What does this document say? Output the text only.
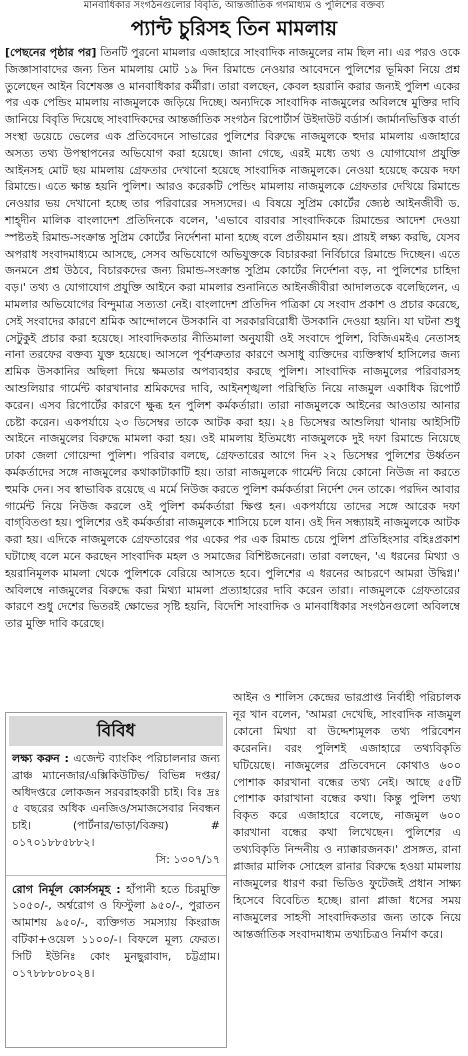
মানবাধিকার সংগঠনগুলোর বিবৃতি, আন্তর্জাতিক গণমাধ্যম ও পুলিশের বক্তব্য
প্যান্ট চুরিসহ তিন মামলায়

[পেছনের পৃষ্ঠার পর] তিনটি পুরনো মামলার এজাহারে সাংবাদিক নাজমুলের নাম ছিল না। এর পরও ওকে জিজ্ঞাসাবাদের জন্য তিন মামলায় মোট ১৯ দিন রিমান্ডে নেওয়ার আবেদনে পুলিশের ভূমিকা নিয়ে প্রশ্ন তুলেছেন আইন বিশেষজ্ঞ ও মানবাধিকার কর্মীরা। তারা বলছেন, কেবল হয়রানি করার জন্যই পুলিশ একের পর এক পেন্ডিং মামলায় নাজমুলকে জড়িয়ে দিচ্ছে। অন্যদিকে সাংবাদিক নাজমুলের অবিলম্বে মুক্তির দাবি জানিয়ে বিবৃতি দিয়েছে সাংবাদিকদের আন্তর্জাতিক সংগঠন রিপোর্টার্স উইদাউট বর্ডার্স। জার্মানভিত্তিক বার্তা সংস্থা ডয়েচে ভেলের এক প্রতিবেদনে সাভারের পুলিশের বিরুদ্ধে নাজমুলকে হুদার মামলায় এজাহারে অসত্য তথ্য উপস্থাপনের অভিযোগ করা হয়েছে। জানা গেছে, এরই মধ্যে তথ্য ও যোগাযোগ প্রযুক্তি আইনসহ মোট ছয় মামলায় গ্রেফতার দেখানো হয়েছে সাংবাদিক নাজমুলকে। নেওয়া হয়েছে কয়েক দফা রিমান্ডে। এতে ক্ষান্ত হয়নি পুলিশ। আরও করেকটি পেন্ডিং মামলায় নাজমুলকে গ্রেফতার দেখিয়ে রিমান্ডে নেওয়ার ভয় দেখানো হচ্ছে তার পরিবারের সদস্যদের। এ বিষয়ে সুপ্রিম কোর্টের জ্যেষ্ঠ আইনজীবী ড. শাহ্‌দীন মালিক বাংলাদেশ প্রতিদিনকে বলেন, 'এভাবে বারবার সাংবাদিককে রিমান্ডের আদেশ দেওয়া স্পষ্টতই রিমান্ড-সংক্রান্ত সুপ্রিম কোর্টের নির্দেশনা মানা হচ্ছে বলে প্রতীয়মান হয়। প্রায়ই লক্ষ্য করছি, যেসব অপরাধ সংবাদমাধ্যমে আসছে, সেসব অভিযোগে অভিযুক্তকে বিচারকরা নির্বিচারে রিমান্ডে দিচ্ছেন। এতে জনমনে প্রশ্ন উঠবে, বিচারকদের জন্য রিমান্ড-সংক্রান্ত সুপ্রিম কোর্টের নির্দেশনা বড়, না পুলিশের চাহিদা বড়।' তথ্য ও যোগাযোগ প্রযুক্তি আইনে করা মামলার শুনানিতে আইনজীবীরা আদালতকে বলেছিলেন, এ মামলার অভিযোগের বিন্দুমাত্র সত্যতা নেই। বাংলাদেশ প্রতিদিন পত্রিকা যে সংবাদ প্রকাশ ও প্রচার করেছে, সেই সংবাদের কারণে শ্রমিক আন্দোলনে উসকানি বা সরকারবিরোধী উসকানি দেওয়া হয়নি। যা ঘটনা শুধু সেটুকুই প্রচার করা হয়েছে। সাংবাদিকতার নীতিমালা অনুযায়ী ওই সংবাদে পুলিশ, বিজিএমইএ নেতাসহ নানা তরফের বক্তব্য যুক্ত হয়েছে। আসলে পূর্বশত্রুতার কারণে অসাধু ব্যক্তিদের ব্যক্তিস্বার্থ হাসিলের জন্য শ্রমিক উসকানির অছিলা দিয়ে ক্ষমতার অপব্যবহার করছে পুলিশ। সাংবাদিক নাজমুলের পরিবারসহ আশুলিয়ার গার্মেন্ট কারখানার শ্রমিকদের দাবি, আইনশৃঙ্খলা পরিস্থিতি নিয়ে নাজমুল একাধিক রিপোর্ট করেন। এসব রিপোর্টের কারণে ক্ষুব্ধ হন পুলিশ কর্মকর্তারা। তারা নাজমুলকে আইনের আওতায় আনার চেষ্টা করেন। একপর্যায়ে ২৩ ডিসেম্বর তাকে আটক করা হয়। ২৪ ডিসেম্বর আশুলিয়া থানায় আইসিটি আইনে নাজমুলের বিরুদ্ধে মামলা করা হয়। ওই মামলায় ইতিমধ্যে নাজমুলকে দুই দফা রিমান্ডে নিয়েছে ঢাকা জেলা গোয়েন্দা পুলিশ। পরিবার বলছে, গ্রেফতারের আগে দিন ২২ ডিসেম্বর পুলিশের উর্ধ্বতন কর্মকর্তাদের সঙ্গে নাজমুলের কথাকাটাকাটি হয়। তারা নাজমুলকে গার্মেন্ট নিয়ে কোনো নিউজ না করতে হুমকি দেন। সব স্বাভাবিক রয়েছে এ মর্মে নিউজ করতে পুলিশ কর্মকর্তারা নির্দেশ দেন তাকে। পরদিন আবার গার্মেন্ট নিয়ে নিউজ করলে ওই পুলিশ কর্মকর্তারা ক্ষিপ্ত হন। একপর্যায়ে তাদের সঙ্গে আরেক দফা বাগ্‌বিতণ্ডা হয়। পুলিশের ওই কর্মকর্তারা নাজমুলকে শাসিয়ে চলে যান। ওই দিন সন্ধ্যায়ই নাজমুলকে আটক করা হয়। এদিকে নাজমুলকে গ্রেফতারের পর একের পর এক রিমান্ড চেয়ে পুলিশ প্রতিহিংসার বহিঃপ্রকাশ ঘটাচ্ছে বলে মনে করছেন সাংবাদিক মহল ও সমাজের বিশিষ্টজনেরা। তারা বলছেন, 'এ ধরনের মিথ্যা ও হয়রানিমূলক মামলা থেকে পুলিশকে বেরিয়ে আসতে হবে। পুলিশের এ ধরনের আচরণে আমরা উদ্বিগ্ন।' অবিলম্বে নাজমুলের বিরুদ্ধে করা মিথ্যা মামলা প্রত্যাহারের দাবি করেন তারা। নাজমুলকে গ্রেফতারের কারণে শুধু দেশের ভিতরই ক্ষোভের সৃষ্টি হয়নি, বিদেশি সাংবাদিক ও মানবাধিকার সংগঠনগুলো অবিলম্বে তার মুক্তি দাবি করেছে।

আইন ও শালিস কেন্দ্রের ভারপ্রাপ্ত নির্বাহী পরিচালক নূর খান বলেন, 'আমরা দেখেছি, সাংবাদিক নাজমুল কোনো মিথ্যা বা উদ্দেশ্যমূলক তথ্য পরিবেশন করেননি। বরং পুলিশই এজাহারে তথ্যবিকৃতি ঘটিয়েছে। নাজমুলের প্রতিবেদনে কোথাও ৬০০ পোশাক কারখানা বন্ধের তথ্য নেই। আছে ৫৫টি পোশাক কারাখানা বন্ধের কথা। কিন্তু পুলিশ তথ্য বিকৃত করে এজাহারে বলেছে, নাজমুল ৬০০ কারখানা বন্ধের কথা লিখেছেন। পুলিশের এ তথ্যবিকৃতি নিন্দনীয় ও ন্যাক্কারজনক।' প্রসঙ্গত, রানা প্লাজার মালিক সোহেল রানার বিরুদ্ধে হওয়া মামলায় নাজমুলের ধারণ করা ভিডিও ফুটেজই প্রধান সাক্ষ্য হিসেবে বিবেচিত হচ্ছে। রানা প্লাজা ধসের সময় নাজমুলের সাহসী সাংবাদিকতার জন্য তাকে নিয়ে আন্তর্জাতিক সংবাদমাধ্যম তথ্যচিত্রও নির্মাণ করে।

বিবিধ
লক্ষ্য করুন : এজেন্ট ব্যাংকিং পরিচালনার জন্য ব্রাঞ্চ ম্যানেজার/এক্সিকিউটিভ/ বিভিন্ন দপ্তর/অধিদপ্তরে লোকজন সরবরাহকারী চাই। বিঃ দ্রঃ ৫ বছরের অধিক এনজিও/সমাজসেবার নিবন্ধন চাই। (পার্টনার/ভাড়া/বিক্রয়) # ০১৭০১৮৮৫৮৮২।
সি: ১৩০৭/১৭
রোগ নির্মূল কোর্সসমূহ : হাঁপানী হতে চিরমুক্তি ১০৫০/-, অর্শ্বরোগ ও ফিস্টুলা ৯৫০/-, পুরাতন আমাশয় ৯৫০/-, ব্যক্তিগত সমস্যায় কিংরাজ বটিকা+ওয়েল ১১০০/-। বিফলে মূল্য ফেরত। সিটি ইউনিঃ কোং মুনছুরাবাদ, চট্টগ্রাম। ০১৭৮৮৮০৮০২৪।
